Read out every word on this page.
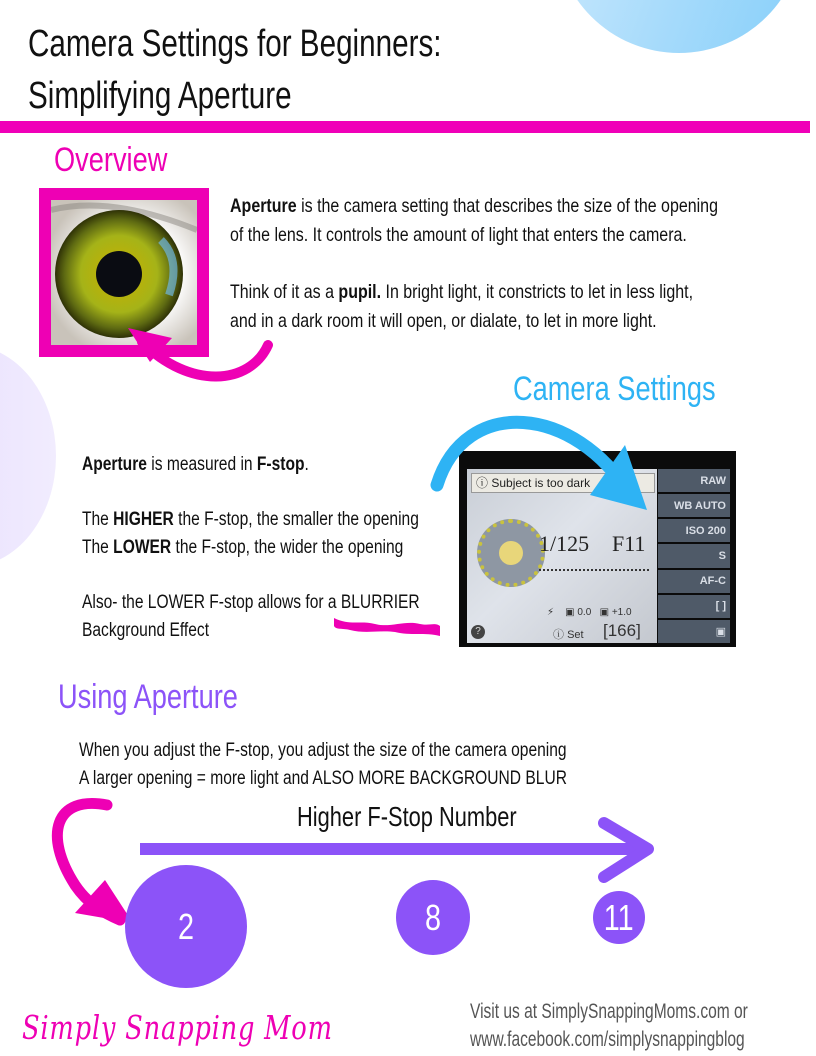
Camera Settings for Beginners:
Simplifying Aperture
Overview
Aperture is the camera setting that describes the size of the opening
of the lens. It controls the amount of light that enters the camera.
Think of it as a pupil. In bright light, it constricts to let in less light,
and in a dark room it will open, or dialate, to let in more light.
Camera Settings
Aperture is measured in F-stop.
The HIGHER the F-stop, the smaller the opening
The LOWER the F-stop, the wider the opening
Also- the LOWER F-stop allows for a BLURRIER
Background Effect
ⓘ Subject is too dark
1/125 F11
⚡    ▣ 0.0   ▣ +1.0
?	ⓘ Set [166]
RAW
WB AUTO
ISO 200
S
AF-C
[ ]
▣
Using Aperture
When you adjust the F-stop, you adjust the size of the camera opening
A larger opening = more light and ALSO MORE BACKGROUND BLUR
Higher F-Stop Number
2	8	11
Simply Snapping Mom	Visit us at SimplySnappingMoms.com or
www.facebook.com/simplysnappingblog
